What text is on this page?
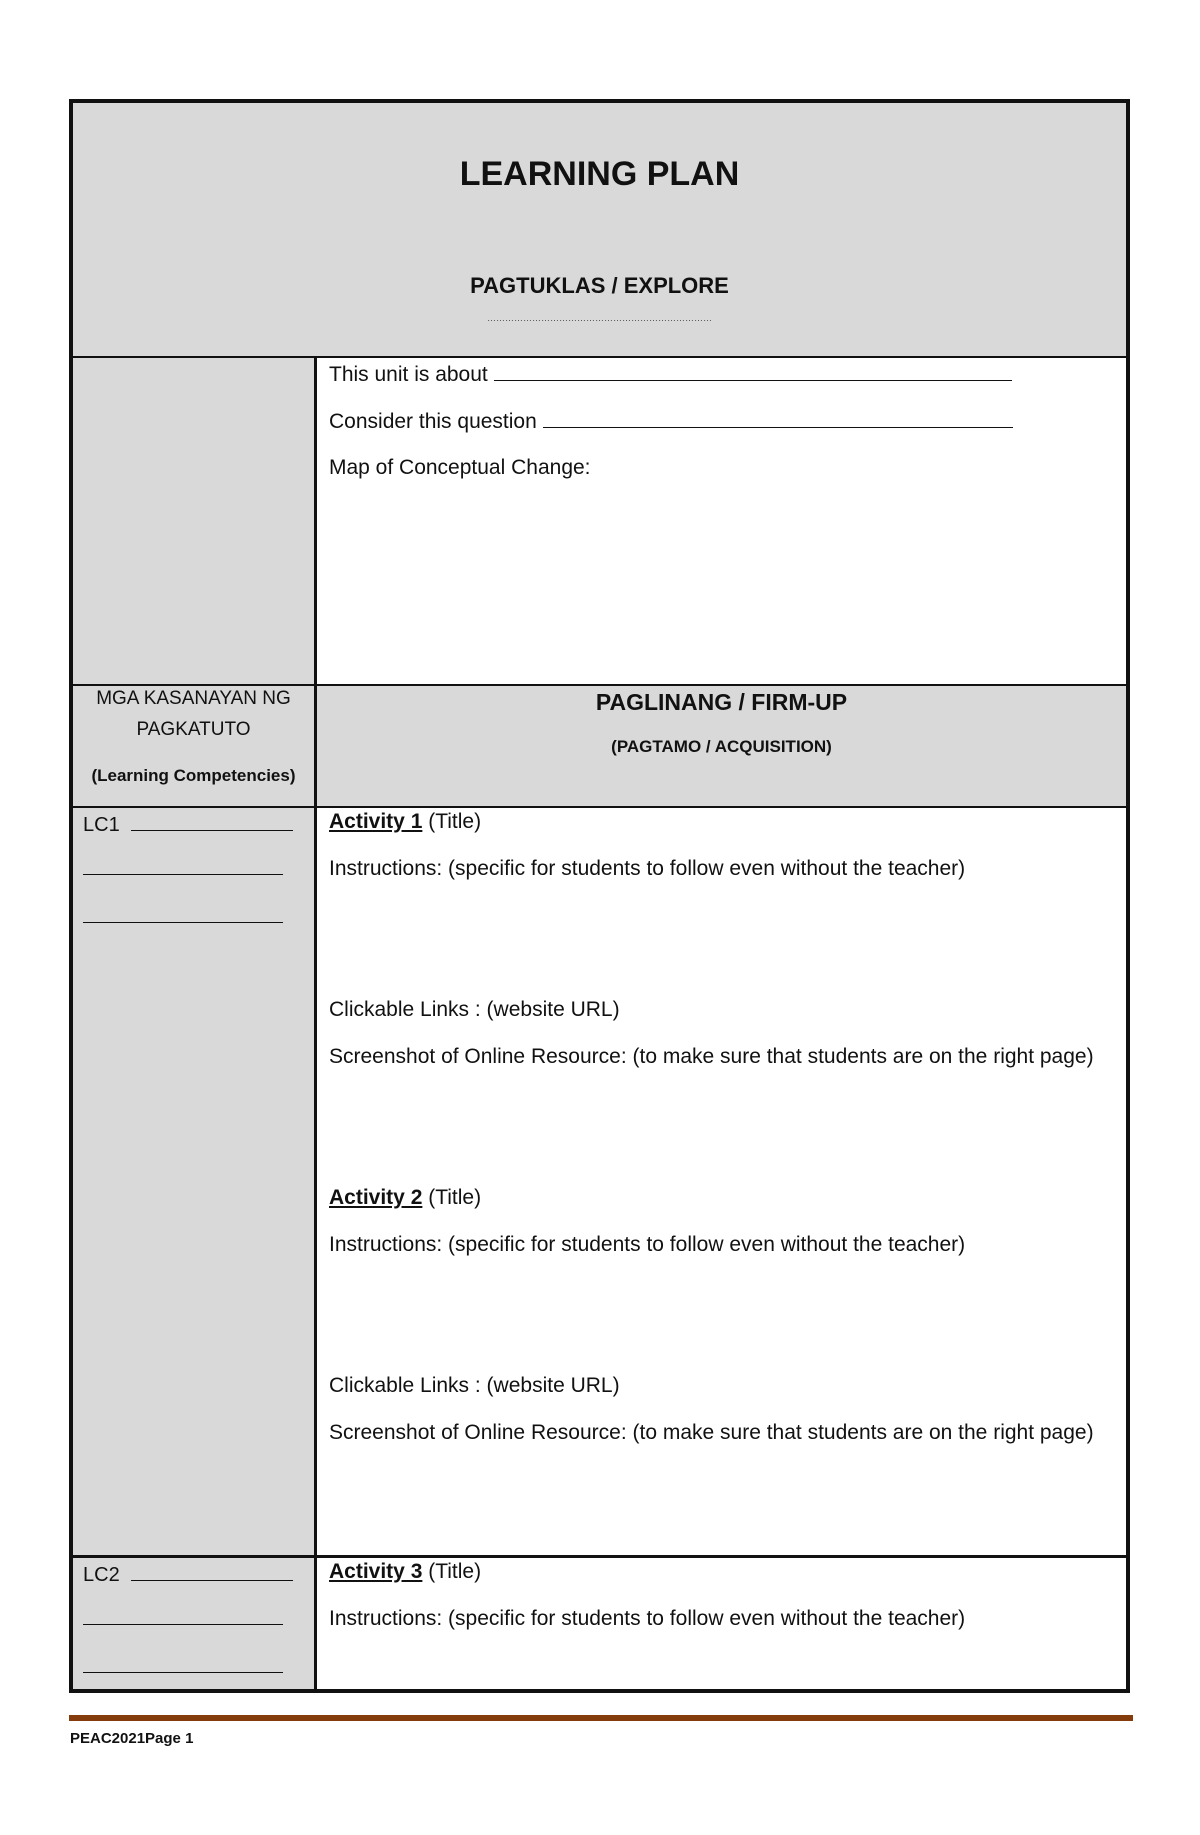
LEARNING PLAN
PAGTUKLAS / EXPLORE
…………………………………………………………………
This unit is about
Consider this question
Map of Conceptual Change:
MGA KASANAYAN NG
PAGKATUTO
(Learning Competencies)
PAGLINANG / FIRM-UP
(PAGTAMO / ACQUISITION)
LC1	Activity 1 (Title)
Instructions: (specific for students to follow even without the teacher)
Clickable Links : (website URL)
Screenshot of Online Resource: (to make sure that students are on the right page)
Activity 2 (Title)
Instructions: (specific for students to follow even without the teacher)
Clickable Links : (website URL)
Screenshot of Online Resource: (to make sure that students are on the right page)
LC2	Activity 3 (Title)
Instructions: (specific for students to follow even without the teacher)
PEAC2021Page 1
